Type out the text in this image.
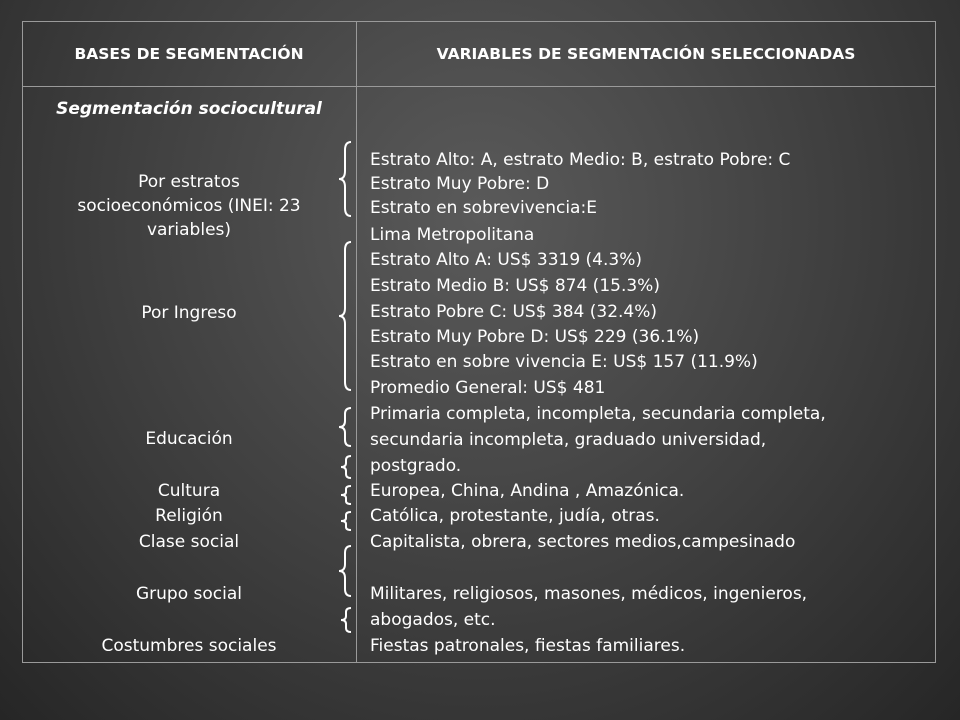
BASES DE SEGMENTACIÓN	VARIABLES DE SEGMENTACIÓN SELECCIONADAS
Segmentación sociocultural
Por estratos
socioeconómicos (INEI: 23
variables)
Por Ingreso
Educación
Cultura
Religión
Clase social
Grupo social
Costumbres sociales
Estrato Alto: A, estrato Medio: B, estrato Pobre: C
Estrato Muy Pobre: D
Estrato en sobrevivencia:E
Lima Metropolitana
Estrato Alto A: US$ 3319 (4.3%)
Estrato Medio B: US$ 874 (15.3%)
Estrato Pobre C: US$ 384 (32.4%)
Estrato Muy Pobre D: US$ 229 (36.1%)
Estrato en sobre vivencia E: US$ 157 (11.9%)
Promedio General: US$ 481
Primaria completa, incompleta, secundaria completa,
secundaria incompleta, graduado universidad,
postgrado.
Europea, China, Andina , Amazónica.
Católica, protestante, judía, otras.
Capitalista, obrera, sectores medios,campesinado
Militares, religiosos, masones, médicos, ingenieros,
abogados, etc.
Fiestas patronales, fiestas familiares.
